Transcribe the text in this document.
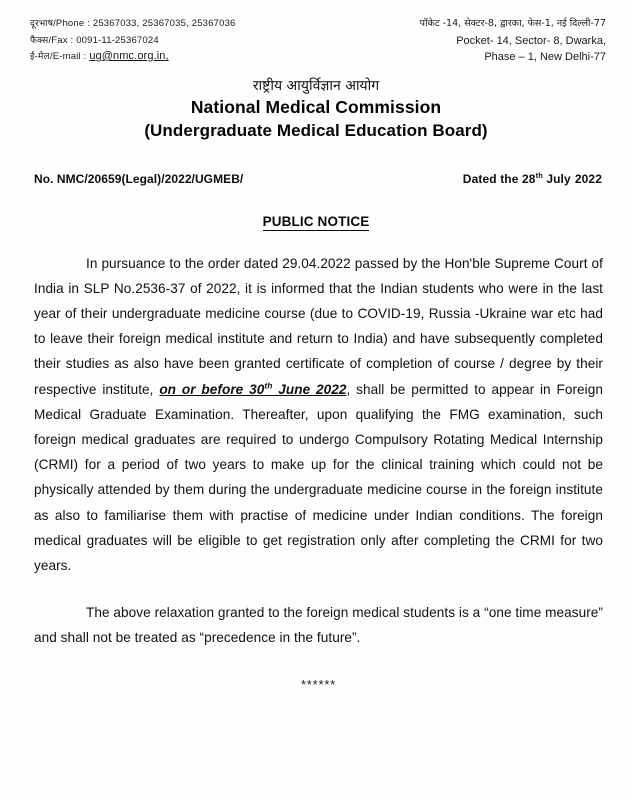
दूरभाष/Phone : 25367033, 25367035, 25367036
फैक्स/Fax : 0091-11-25367024
ई-मेल/E-mail : ug@nmc.org.in,
पॉकेट -14, सेक्टर-8, द्वारका, फेस-1, नई दिल्ली-77
Pocket- 14, Sector- 8, Dwarka,
Phase – 1, New Delhi-77
राष्ट्रीय आयुर्विज्ञान आयोग
National Medical Commission
(Undergraduate Medical Education Board)
No. NMC/20659(Legal)/2022/UGMEB/	Dated the 28th July 2022
PUBLIC NOTICE

In pursuance to the order dated 29.04.2022 passed by the Hon'ble Supreme Court of India in SLP No.2536-37 of 2022, it is informed that the Indian students who were in the last year of their undergraduate medicine course (due to COVID-19, Russia -Ukraine war etc had to leave their foreign medical institute and return to India) and have subsequently completed their studies as also have been granted certificate of completion of course / degree by their respective institute, on or before 30th June 2022, shall be permitted to appear in Foreign Medical Graduate Examination. Thereafter, upon qualifying the FMG examination, such foreign medical graduates are required to undergo Compulsory Rotating Medical Internship (CRMI) for a period of two years to make up for the clinical training which could not be physically attended by them during the undergraduate medicine course in the foreign institute as also to familiarise them with practise of medicine under Indian conditions. The foreign medical graduates will be eligible to get registration only after completing the CRMI for two years.

The above relaxation granted to the foreign medical students is a “one time measure” and shall not be treated as “precedence in the future”.

******
